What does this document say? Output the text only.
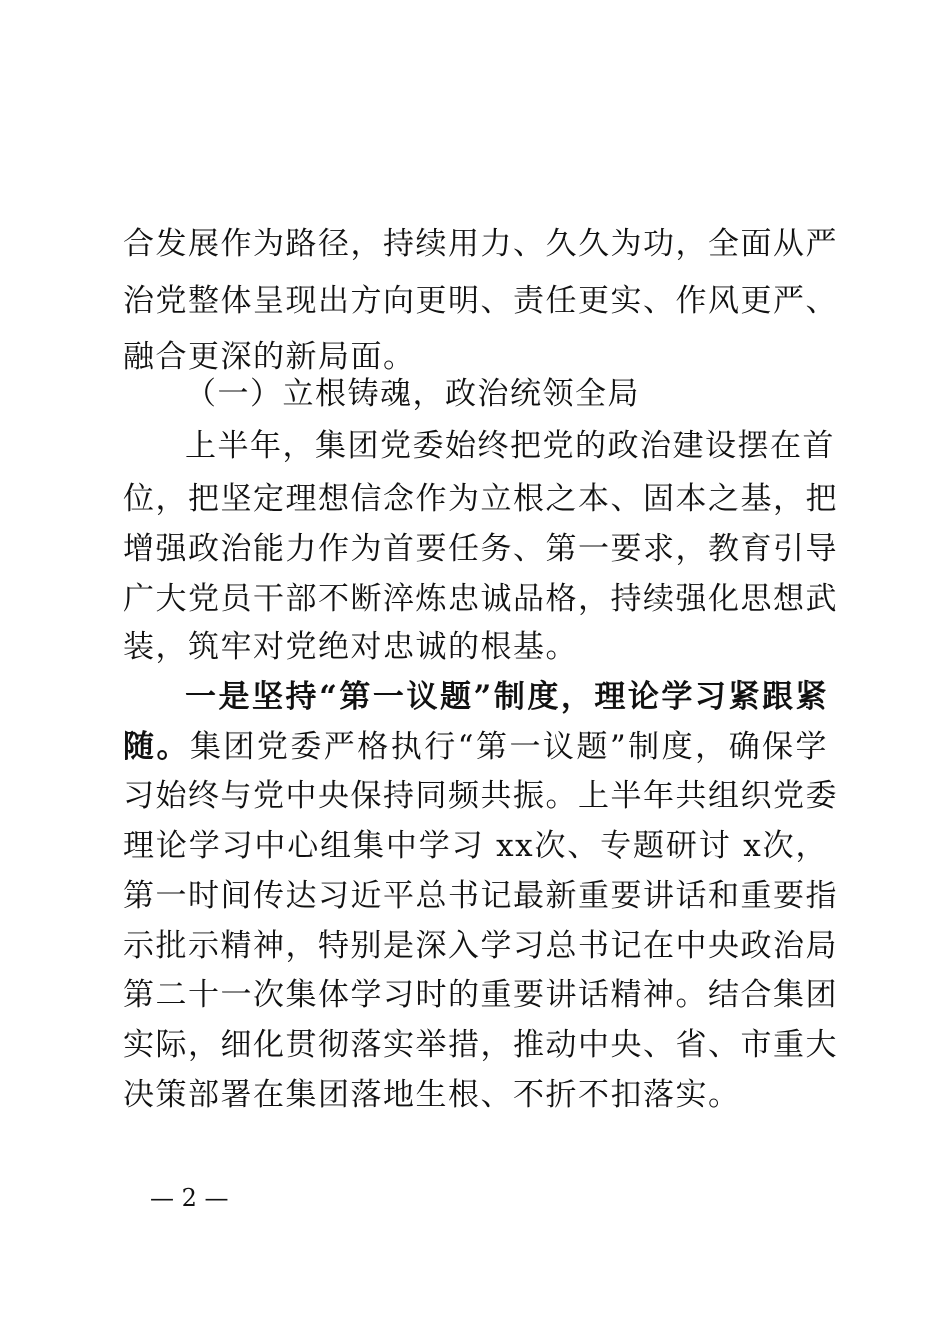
合发展作为路径，持续用力、久久为功，全面从严
治党整体呈现出方向更明、责任更实、作风更严、
融合更深的新局面。
（一）立根铸魂，政治统领全局
上半年，集团党委始终把党的政治建设摆在首
位，把坚定理想信念作为立根之本、固本之基，把
增强政治能力作为首要任务、第一要求，教育引导
广大党员干部不断淬炼忠诚品格，持续强化思想武
装，筑牢对党绝对忠诚的根基。
一是坚持“第一议题”制度，理论学习紧跟紧
随。集团党委严格执行“第一议题”制度，确保学
习始终与党中央保持同频共振。上半年共组织党委
理论学习中心组集中学习 xx次、专题研讨 x次，
第一时间传达习近平总书记最新重要讲话和重要指
示批示精神，特别是深入学习总书记在中央政治局
第二十一次集体学习时的重要讲话精神。结合集团
实际，细化贯彻落实举措，推动中央、省、市重大
决策部署在集团落地生根、不折不扣落实。
— 2 —
